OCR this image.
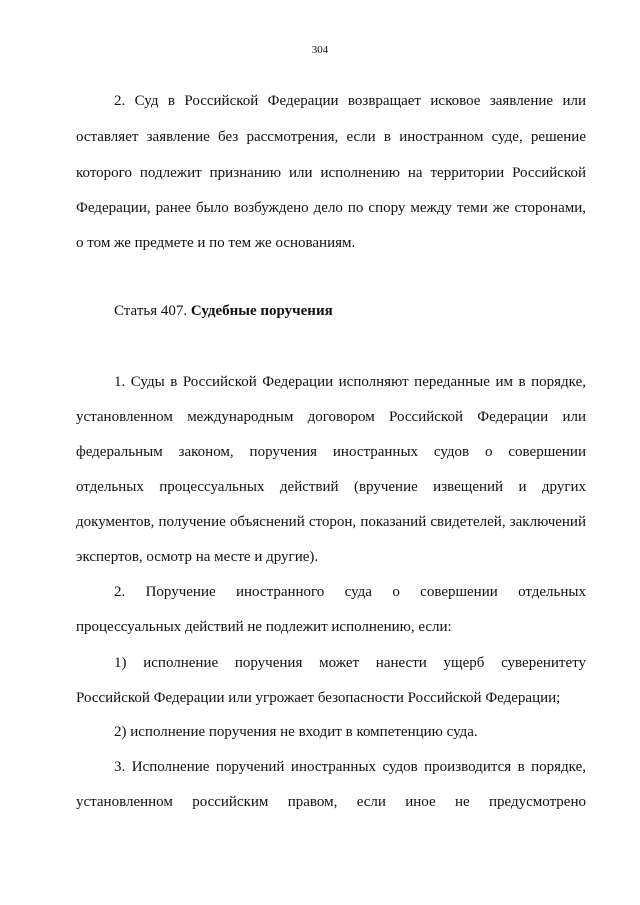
304
2. Суд в Российской Федерации возвращает исковое заявление или
оставляет заявление без рассмотрения, если в иностранном суде, решение
которого подлежит признанию или исполнению на территории Российской
Федерации, ранее было возбуждено дело по спору между теми же сторонами,
о том же предмете и по тем же основаниям.
Статья 407. Судебные поручения
1. Суды в Российской Федерации исполняют переданные им в порядке,
установленном международным договором Российской Федерации или
федеральным законом, поручения иностранных судов о совершении
отдельных процессуальных действий (вручение извещений и других
документов, получение объяснений сторон, показаний свидетелей, заключений
экспертов, осмотр на месте и другие).
2. Поручение иностранного суда о совершении отдельных
процессуальных действий не подлежит исполнению, если:
1) исполнение поручения может нанести ущерб суверенитету
Российской Федерации или угрожает безопасности Российской Федерации;
2) исполнение поручения не входит в компетенцию суда.
3. Исполнение поручений иностранных судов производится в порядке,
установленном российским правом, если иное не предусмотрено
